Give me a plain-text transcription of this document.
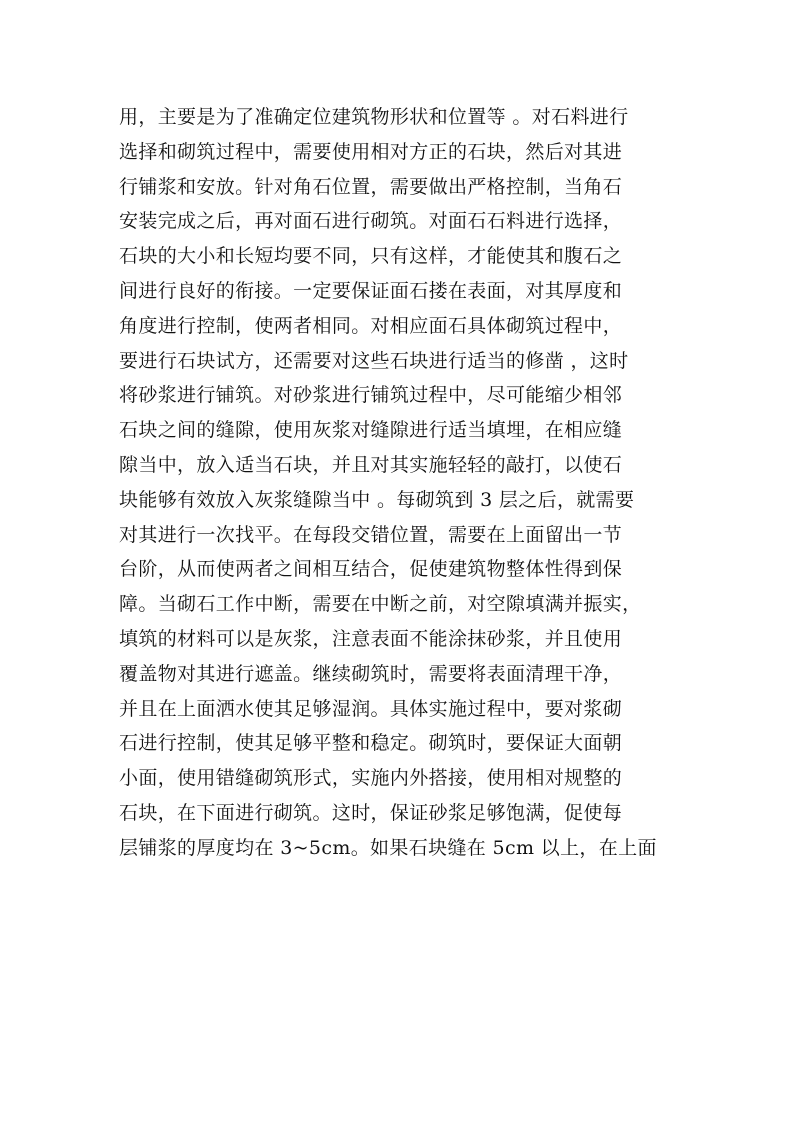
用，主要是为了准确定位建筑物形状和位置等 。对石料进行
选择和砌筑过程中，需要使用相对方正的石块，然后对其进
行铺浆和安放。针对角石位置，需要做出严格控制，当角石
安装完成之后，再对面石进行砌筑。对面石石料进行选择，
石块的大小和长短均要不同，只有这样，才能使其和腹石之
间进行良好的衔接。一定要保证面石搂在表面，对其厚度和
角度进行控制，使两者相同。对相应面石具体砌筑过程中，
要进行石块试方，还需要对这些石块进行适当的修凿 ，这时
将砂浆进行铺筑。对砂浆进行铺筑过程中，尽可能缩少相邻
石块之间的缝隙，使用灰浆对缝隙进行适当填埋，在相应缝
隙当中，放入适当石块，并且对其实施轻轻的敲打，以使石
块能够有效放入灰浆缝隙当中 。每砌筑到 3 层之后，就需要
对其进行一次找平。在每段交错位置，需要在上面留出一节
台阶，从而使两者之间相互结合，促使建筑物整体性得到保
障。当砌石工作中断，需要在中断之前，对空隙填满并振实，
填筑的材料可以是灰浆，注意表面不能涂抹砂浆，并且使用
覆盖物对其进行遮盖。继续砌筑时，需要将表面清理干净，
并且在上面洒水使其足够湿润。具体实施过程中，要对浆砌
石进行控制，使其足够平整和稳定。砌筑时，要保证大面朝
小面，使用错缝砌筑形式，实施内外搭接，使用相对规整的
石块，在下面进行砌筑。这时，保证砂浆足够饱满，促使每
层铺浆的厚度均在 3~5cm。如果石块缝在 5cm 以上，在上面
